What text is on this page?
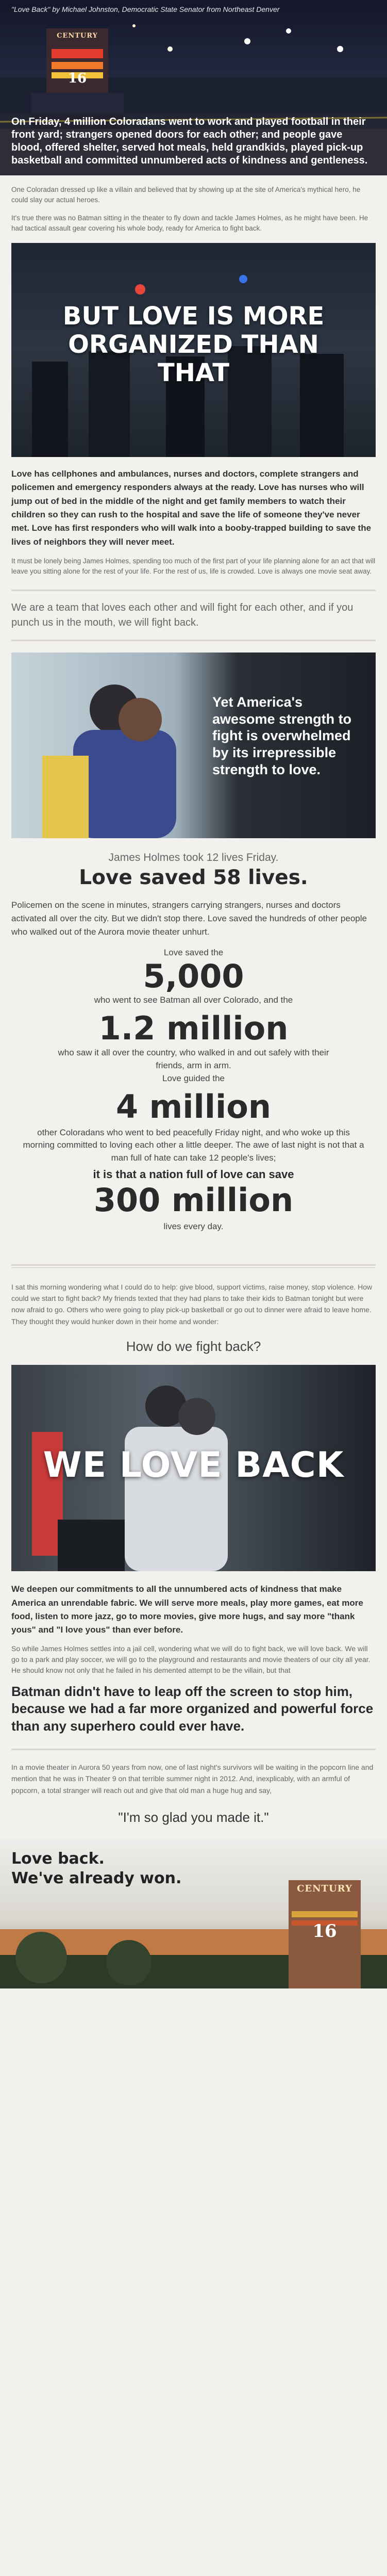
CENTURY
16
"Love Back" by Michael Johnston, Democratic State Senator from Northeast Denver
On Friday, 4 million Coloradans went to work and played football in their front yard; strangers opened doors for each other; and people gave blood, offered shelter, served hot meals, held grandkids, played pick-up basketball and committed unnumbered acts of kindness and gentleness.

One Coloradan dressed up like a villain and believed that by showing up at the site of America's mythical hero, he could slay our actual heroes.

It's true there was no Batman sitting in the theater to fly down and tackle James Holmes, as he might have been. He had tactical assault gear covering his whole body, ready for America to fight back.

BUT LOVE IS MORE ORGANIZED THAN THAT

Love has cellphones and ambulances, nurses and doctors, complete strangers and policemen and emergency responders always at the ready. Love has nurses who will jump out of bed in the middle of the night and get family members to watch their children so they can rush to the hospital and save the life of someone they've never met. Love has first responders who will walk into a booby-trapped building to save the lives of neighbors they will never meet.

It must be lonely being James Holmes, spending too much of the first part of your life planning alone for an act that will leave you sitting alone for the rest of your life. For the rest of us, life is crowded. Love is always one movie seat away.

We are a team that loves each other and will fight for each other, and if you punch us in the mouth, we will fight back.

Yet America's awesome strength to fight is overwhelmed by its irrepressible strength to love.
James Holmes took 12 lives Friday.
Love saved 58 lives.

Policemen on the scene in minutes, strangers carrying strangers, nurses and doctors activated all over the city. But we didn't stop there. Love saved the hundreds of other people who walked out of the Aurora movie theater unhurt.

Love saved the
5,000
who went to see Batman all over Colorado, and the
1.2 million
who saw it all over the country, who walked in and out safely with their friends, arm in arm.
Love guided the
4 million
other Coloradans who went to bed peacefully Friday night, and who woke up this morning committed to loving each other a little deeper. The awe of last night is not that a man full of hate can take 12 people's lives;
it is that a nation full of love can save
300 million
lives every day.

I sat this morning wondering what I could do to help: give blood, support victims, raise money, stop violence. How could we start to fight back? My friends texted that they had plans to take their kids to Batman tonight but were now afraid to go. Others who were going to play pick-up basketball or go out to dinner were afraid to leave home. They thought they would hunker down in their home and wonder:

How do we fight back?
WE LOVE BACK

We deepen our commitments to all the unnumbered acts of kindness that make America an unrendable fabric. We will serve more meals, play more games, eat more food, listen to more jazz, go to more movies, give more hugs, and say more "thank yous" and "I love yous" than ever before.

So while James Holmes settles into a jail cell, wondering what we will do to fight back, we will love back. We will go to a park and play soccer, we will go to the playground and restaurants and movie theaters of our city all year. He should know not only that he failed in his demented attempt to be the villain, but that

Batman didn't have to leap off the screen to stop him, because we had a far more organized and powerful force than any superhero could ever have.

In a movie theater in Aurora 50 years from now, one of last night's survivors will be waiting in the popcorn line and mention that he was in Theater 9 on that terrible summer night in 2012. And, inexplicably, with an armful of popcorn, a total stranger will reach out and give that old man a huge hug and say,

"I'm so glad you made it."
CENTURY
16
Love back.
We've already won.
